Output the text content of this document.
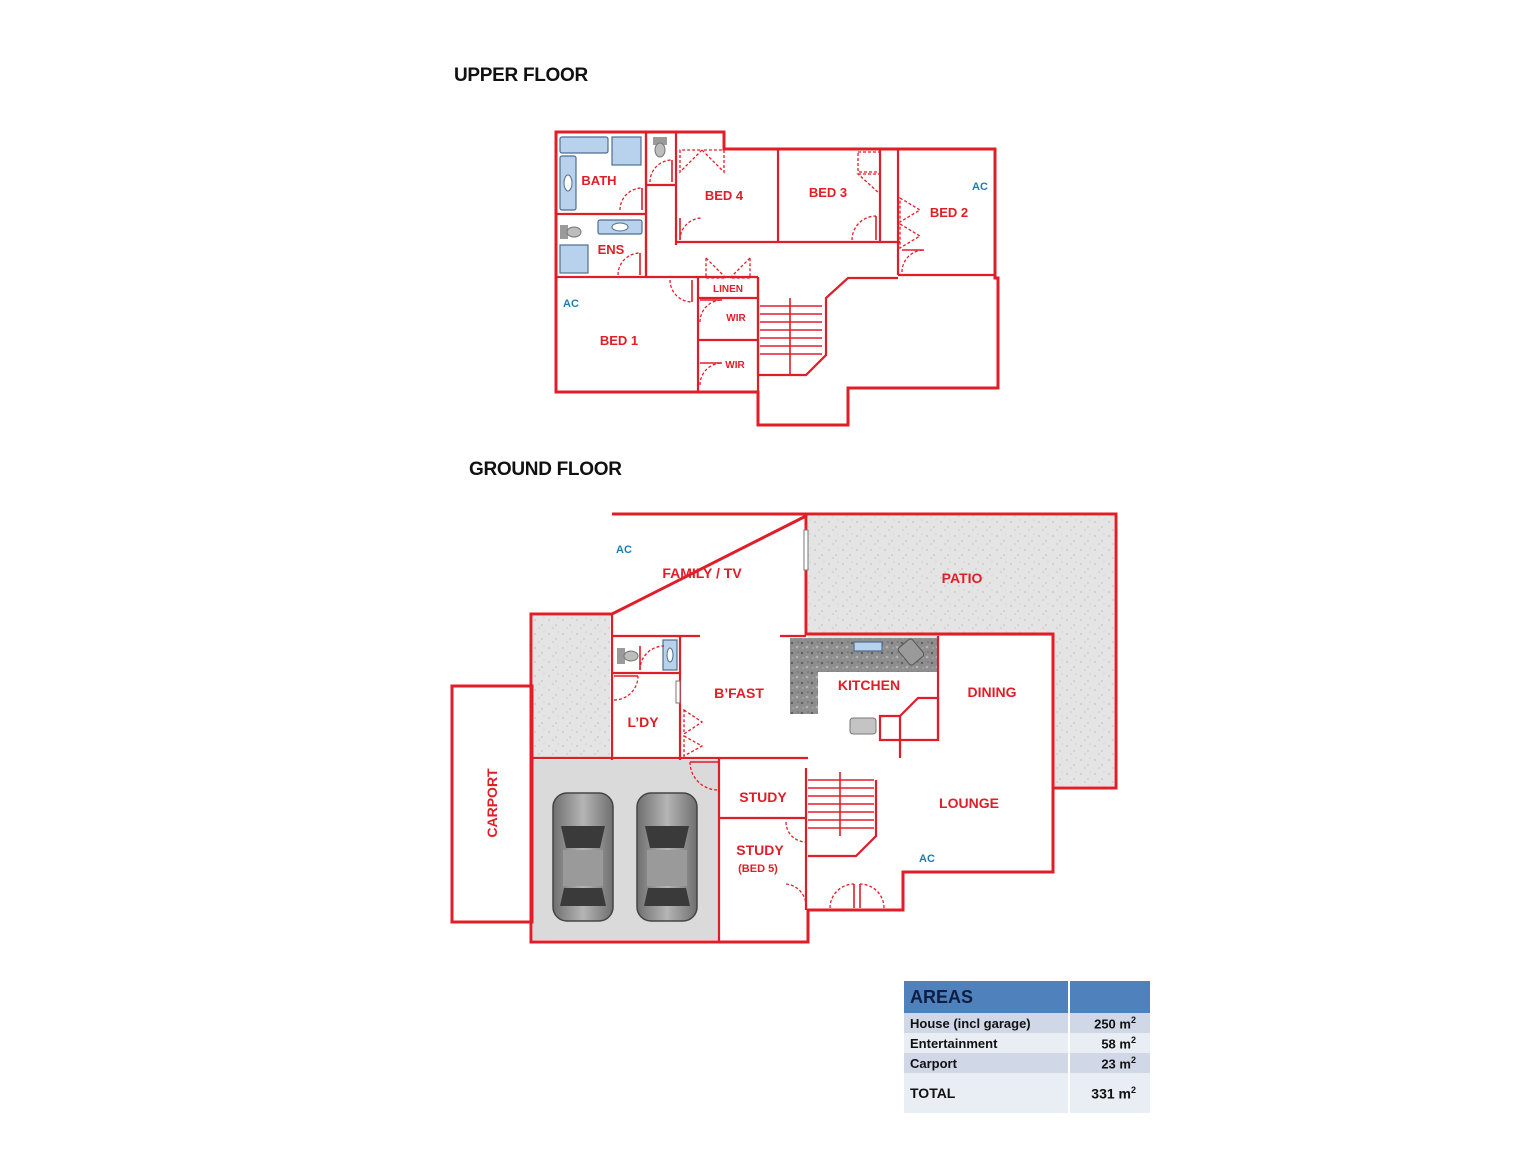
UPPER FLOOR
GROUND FLOOR
BATH
ENS
BED 4	BED 3
BED 2
BED 1
LINEN
WIR
WIR
AC
AC
FAMILY / TV	PATIO
B’FAST	KITCHEN	DINING
L’DY
CARPORT	STUDY
STUDY
(BED 5)
LOUNGE
AC
AC
AREAS	
House (incl garage)	250 $m^2$
Entertainment	58 $m^2$
Carport	23 $m^2$
TOTAL	331 $m^2$
